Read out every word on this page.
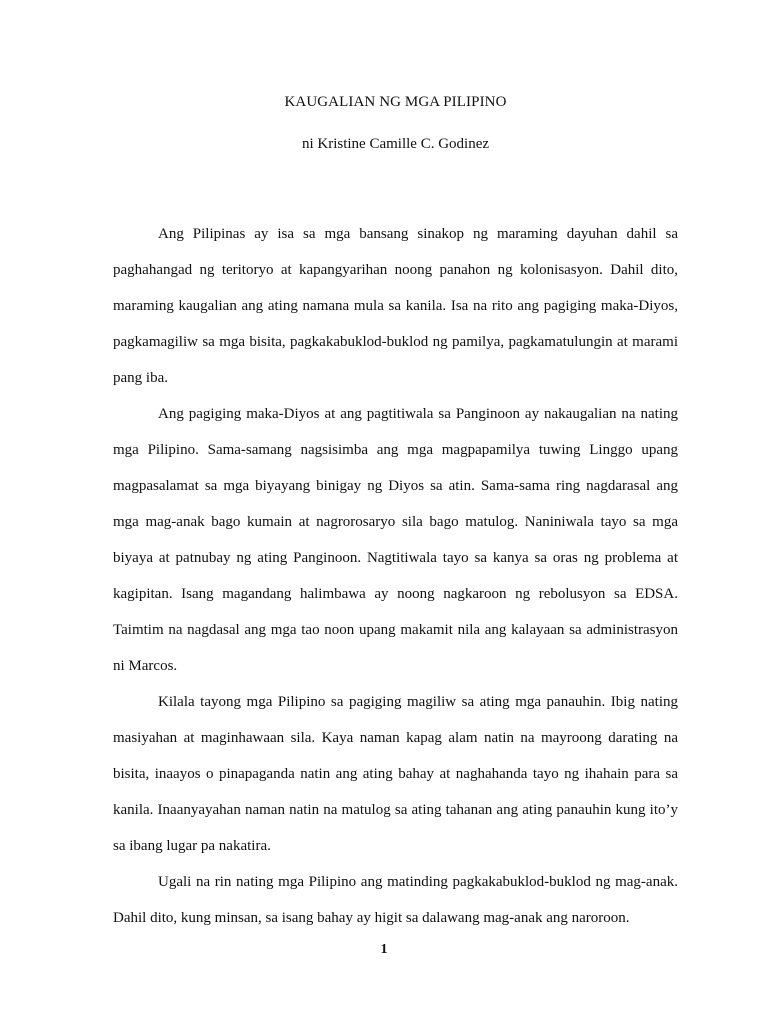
KAUGALIAN NG MGA PILIPINO

ni Kristine Camille C. Godinez

Ang Pilipinas ay isa sa mga bansang sinakop ng maraming dayuhan dahil sa paghahangad ng teritoryo at kapangyarihan noong panahon ng kolonisasyon. Dahil dito, maraming kaugalian ang ating namana mula sa kanila. Isa na rito ang pagiging maka-Diyos, pagkamagiliw sa mga bisita, pagkakabuklod-buklod ng pamilya, pagkamatulungin at marami pang iba.

Ang pagiging maka-Diyos at ang pagtitiwala sa Panginoon ay nakaugalian na nating mga Pilipino. Sama-samang nagsisimba ang mga magpapamilya tuwing Linggo upang magpasalamat sa mga biyayang binigay ng Diyos sa atin. Sama-sama ring nagdarasal ang mga mag-anak bago kumain at nagrorosaryo sila bago matulog. Naniniwala tayo sa mga biyaya at patnubay ng ating Panginoon. Nagtitiwala tayo sa kanya sa oras ng problema at kagipitan. Isang magandang halimbawa ay noong nagkaroon ng rebolusyon sa EDSA. Taimtim na nagdasal ang mga tao noon upang makamit nila ang kalayaan sa administrasyon ni Marcos.

Kilala tayong mga Pilipino sa pagiging magiliw sa ating mga panauhin. Ibig nating masiyahan at maginhawaan sila. Kaya naman kapag alam natin na mayroong darating na bisita, inaayos o pinapaganda natin ang ating bahay at naghahanda tayo ng ihahain para sa kanila. Inaanyayahan naman natin na matulog sa ating tahanan ang ating panauhin kung ito’y sa ibang lugar pa nakatira.

Ugali na rin nating mga Pilipino ang matinding pagkakabuklod-buklod ng mag-anak. Dahil dito, kung minsan, sa isang bahay ay higit sa dalawang mag-anak ang naroroon.

1
